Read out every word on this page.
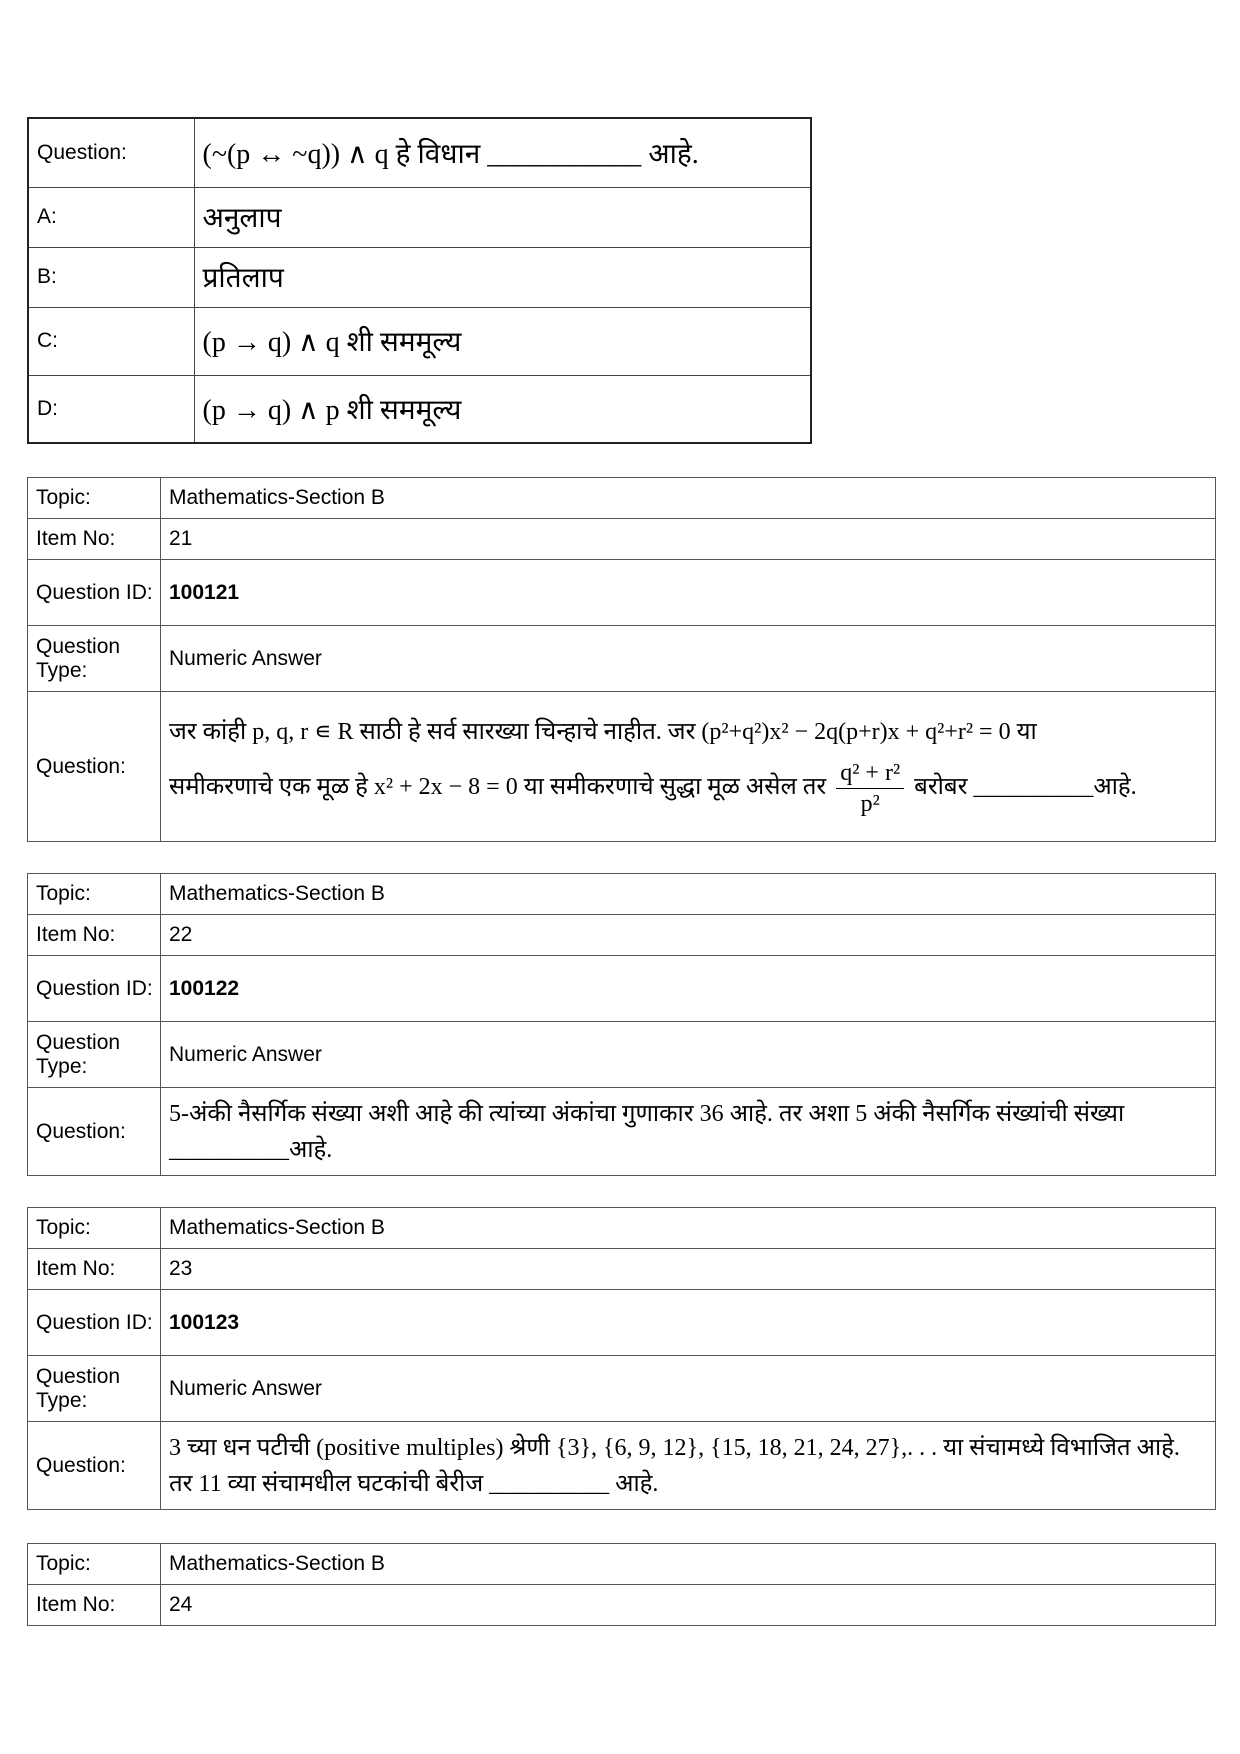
Question:	(~(p ↔ ~q)) ∧ q हे विधान ___________ आहे.
A:	अनुलाप
B:	प्रतिलाप
C:	(p → q) ∧ q शी सममूल्य
D:	(p → q) ∧ p शी सममूल्य
Topic:	Mathematics-Section B
Item No:	21
Question ID:	100121
Question Type:	Numeric Answer
Question:	जर कांही p, q, r ∊ R साठी हे सर्व सारख्या चिन्हाचे नाहीत. जर (p²+q²)x² − 2q(p+r)x + q²+r² = 0 या
समीकरणाचे एक मूळ हे x² + 2x − 8 = 0 या समीकरणाचे सुद्धा मूळ असेल तर $\frac{\text{q² + r²}}{\text{p²}}$ बरोबर __________आहे.
Topic:	Mathematics-Section B
Item No:	22
Question ID:	100122
Question Type:	Numeric Answer
Question:	5-अंकी नैसर्गिक संख्या अशी आहे की त्यांच्या अंकांचा गुणाकार 36 आहे. तर अशा 5 अंकी नैसर्गिक संख्यांची संख्या __________आहे.
Topic:	Mathematics-Section B
Item No:	23
Question ID:	100123
Question Type:	Numeric Answer
Question:	3 च्या धन पटीची (positive multiples) श्रेणी {3}, {6, 9, 12}, {15, 18, 21, 24, 27},. . . या संचामध्ये विभाजित आहे. तर 11 व्या संचामधील घटकांची बेरीज __________ आहे.
Topic:	Mathematics-Section B
Item No:	24
